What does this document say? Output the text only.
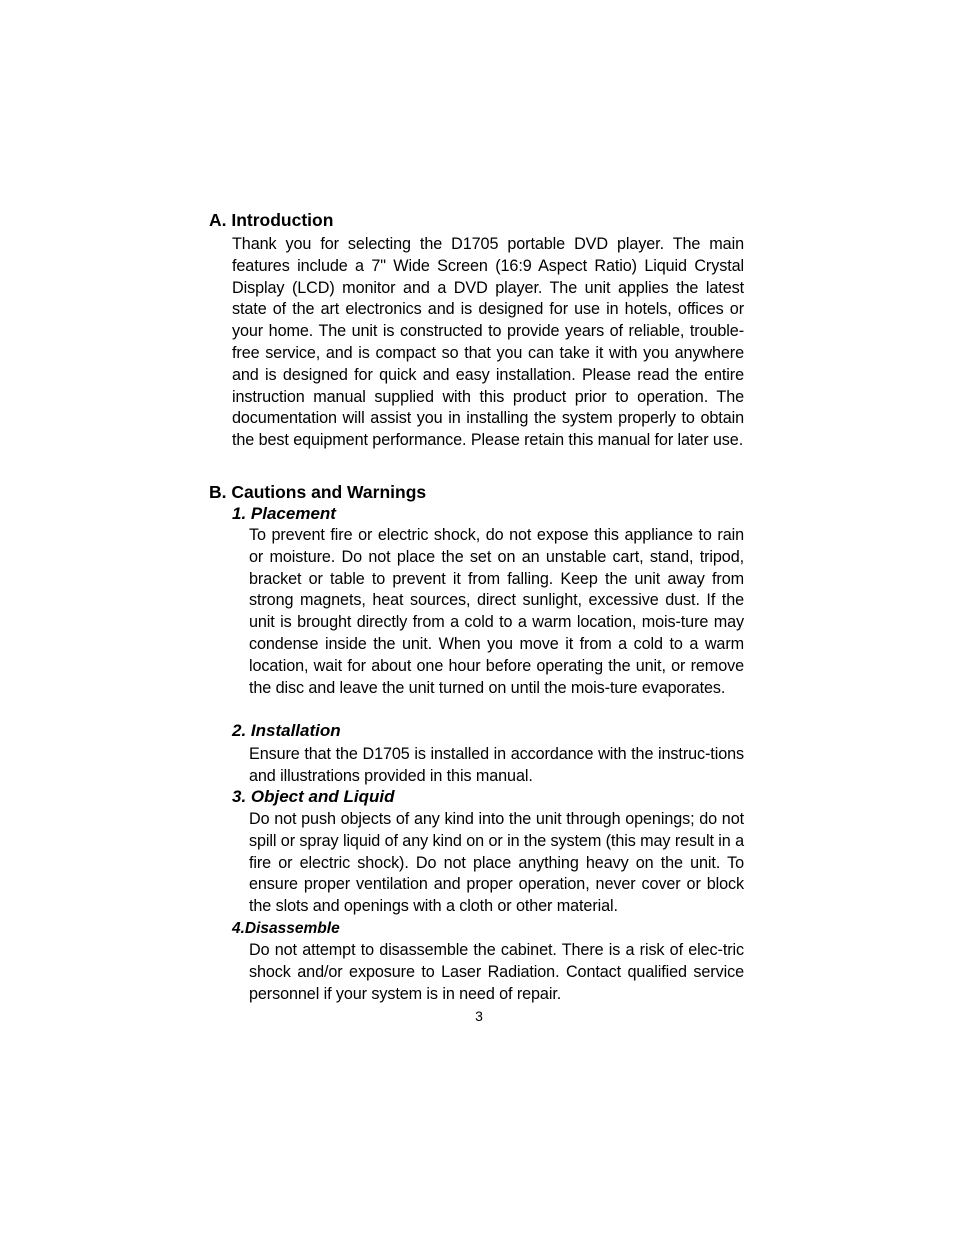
A. Introduction

Thank you for selecting the D1705 portable DVD player. The main features include a 7" Wide Screen (16:9 Aspect Ratio) Liquid Crystal Display (LCD) monitor and a DVD player. The unit applies the latest state of the art electronics and is designed for use in hotels, offices or your home. The unit is constructed to provide years of reliable, trouble-free service, and is compact so that you can take it with you anywhere and is designed for quick and easy installation. Please read the entire instruction manual supplied with this product prior to operation. The documentation will assist you in installing the system properly to obtain the best equipment performance. Please retain this manual for later use.

B. Cautions and Warnings
1. Placement

To prevent fire or electric shock, do not expose this appliance to rain or moisture. Do not place the set on an unstable cart, stand, tripod, bracket or table to prevent it from falling. Keep the unit away from strong magnets, heat sources, direct sunlight, excessive dust. If the unit is brought directly from a cold to a warm location, mois-ture may condense inside the unit. When you move it from a cold to a warm location, wait for about one hour before operating the unit, or remove the disc and leave the unit turned on until the mois-ture evaporates.

2. Installation

Ensure that the D1705 is installed in accordance with the instruc-tions and illustrations provided in this manual.

3. Object and Liquid

Do not push objects of any kind into the unit through openings; do not spill or spray liquid of any kind on or in the system (this may result in a fire or electric shock). Do not place anything heavy on the unit. To ensure proper ventilation and proper operation, never cover or block the slots and openings with a cloth or other material.

4.Disassemble

Do not attempt to disassemble the cabinet. There is a risk of elec-tric shock and/or exposure to Laser Radiation. Contact qualified service personnel if your system is in need of repair.

3
